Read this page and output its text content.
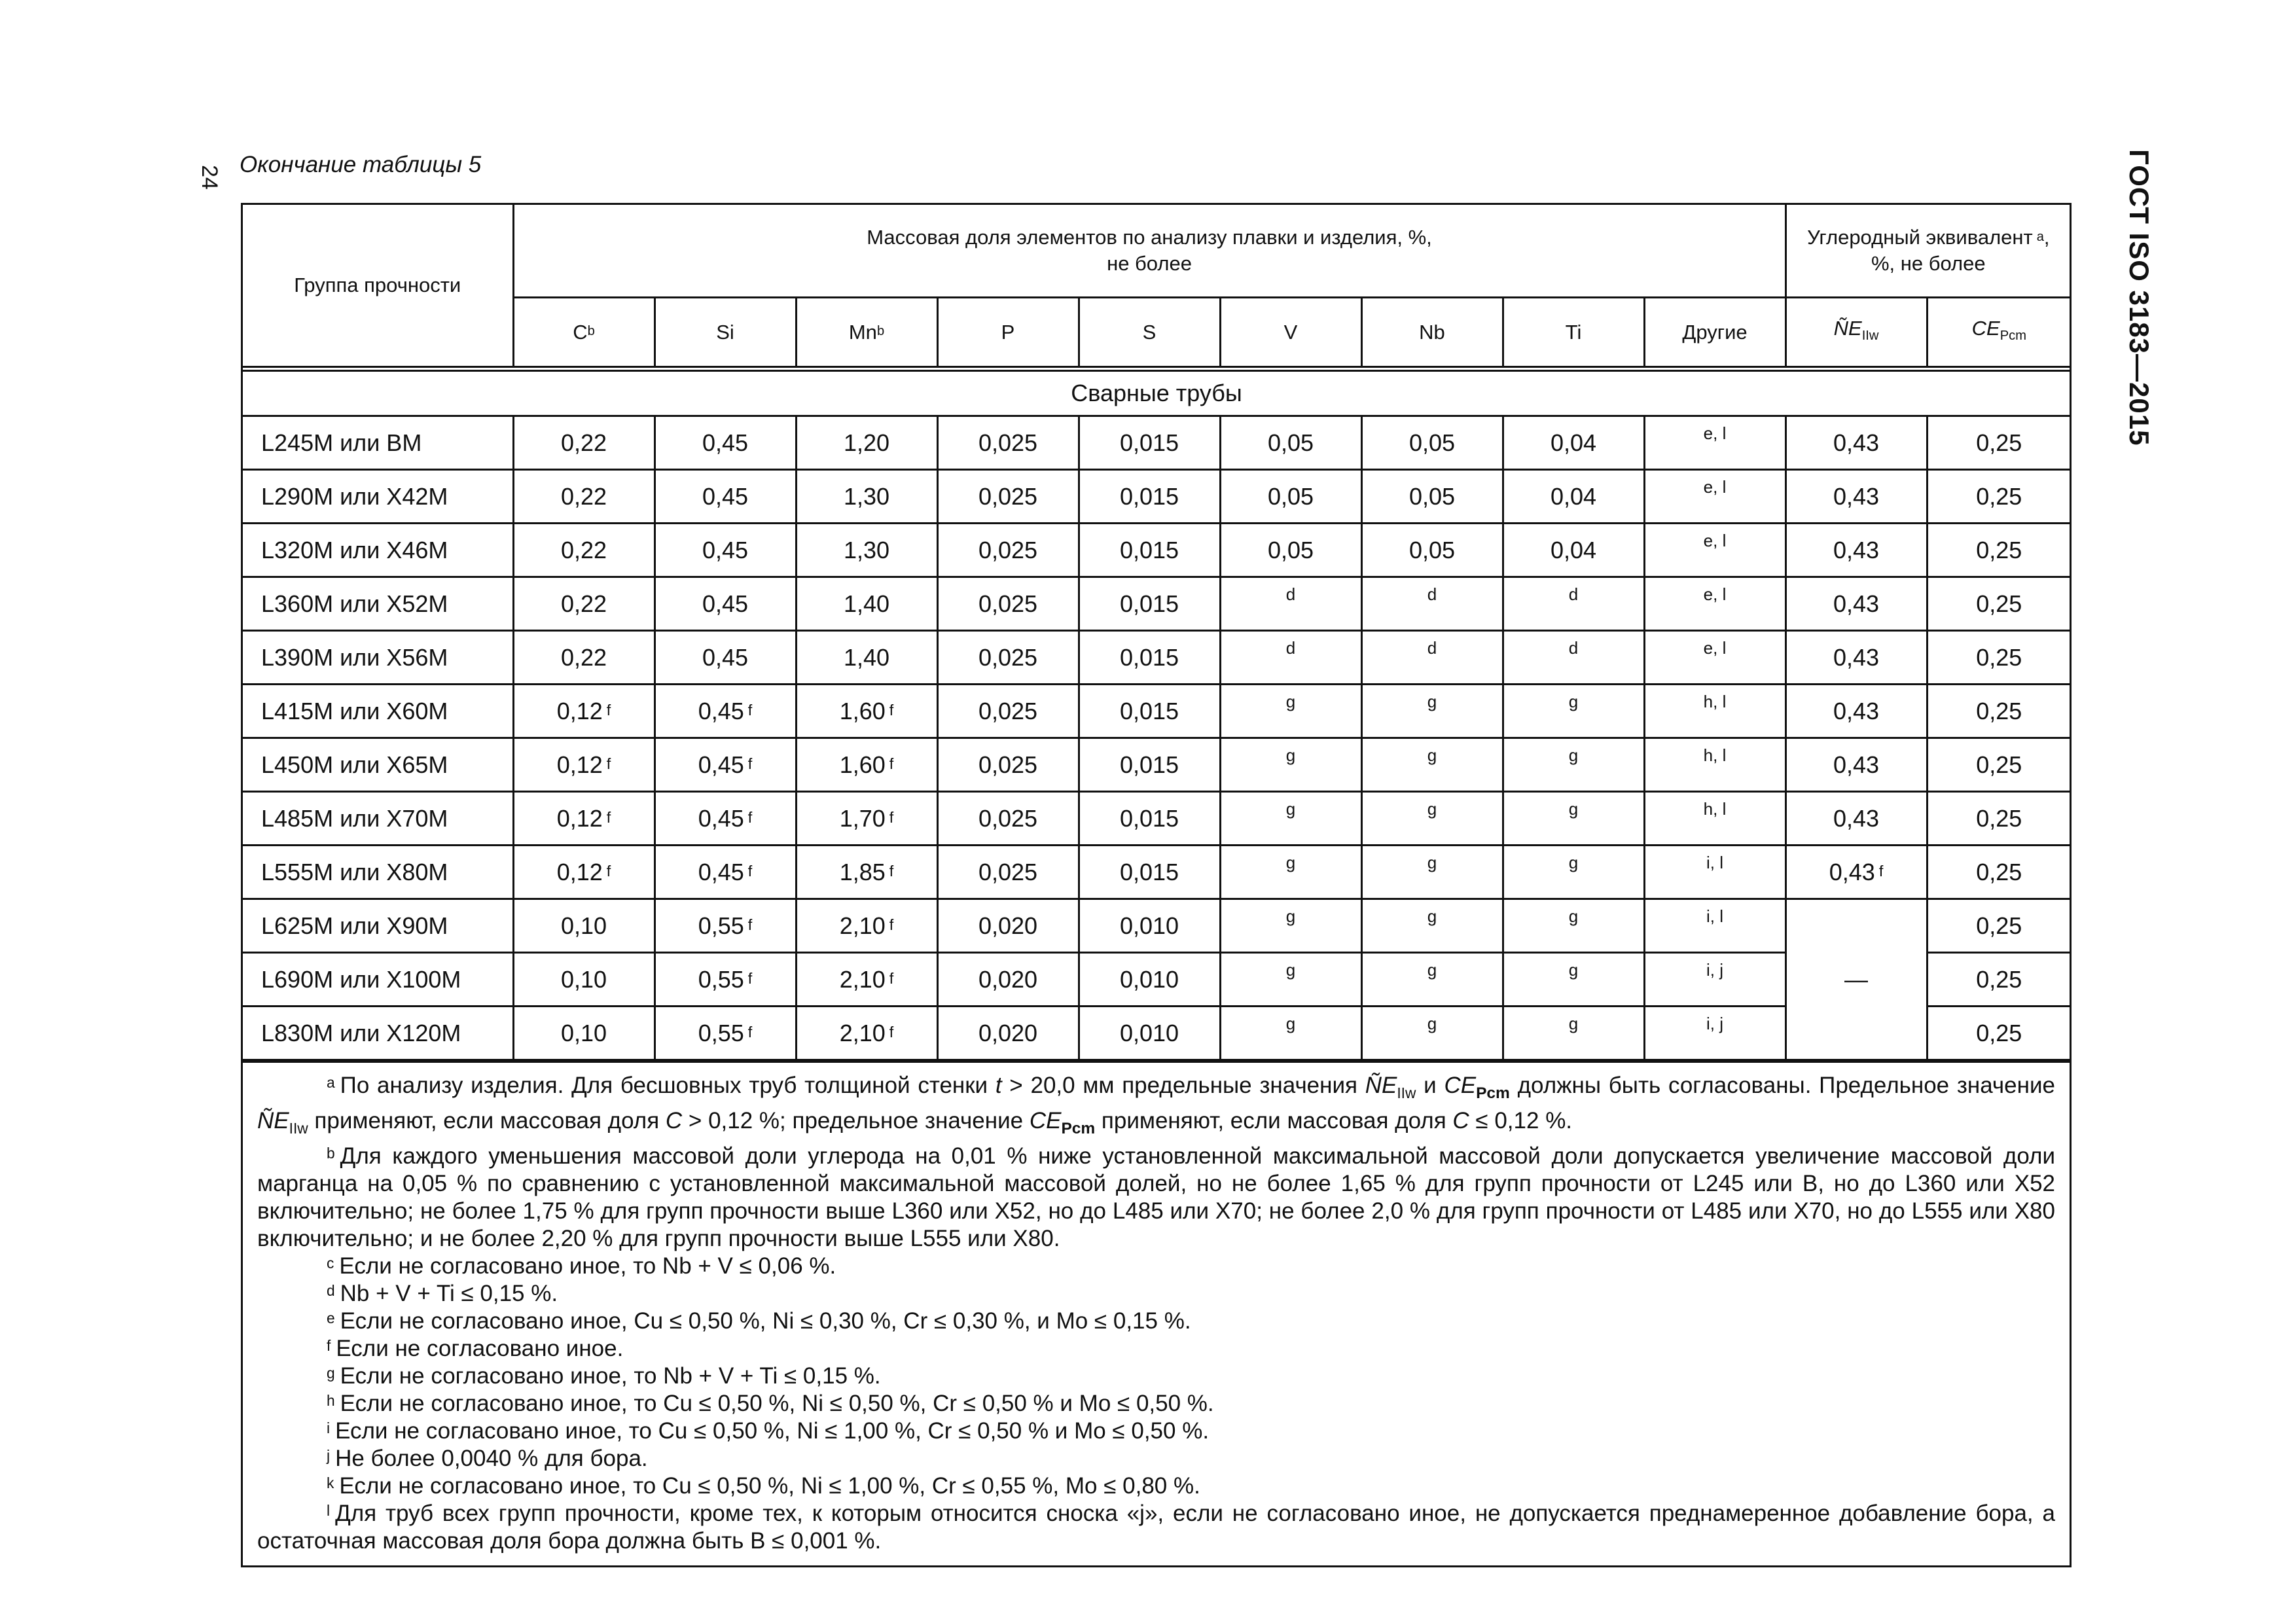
24 Окончание таблицы 5	ГОСТ ISO 3183—2015
Группа прочности	Массовая доля элементов по анализу плавки и изделия, %, не более									Углеродный эквивалент $^a$,
%, не более	

	$C^b$	Si	Mn$^b$	P	S	V	Nb	Ti	Другие	$ÑE_{IIw}$	$CE_{Pcm}$
Сварные трубы											
L245M или BM	0,22	0,45	1,20	0,025	0,015	0,05	0,05	0,04	e, l	0,43	0,25
L290M или X42M	0,22	0,45	1,30	0,025	0,015	0,05	0,05	0,04	e, l	0,43	0,25
L320M или X46M	0,22	0,45	1,30	0,025	0,015	0,05	0,05	0,04	e, l	0,43	0,25
L360M или X52M	0,22	0,45	1,40	0,025	0,015	d	d	d	e, l	0,43	0,25
L390M или X56M	0,22	0,45	1,40	0,025	0,015	d	d	d	e, l	0,43	0,25
L415M или X60M	0,12 $^f$	0,45 $^f$	1,60 $^f$	0,025	0,015	g	g	g	h, l	0,43	0,25
L450M или X65M	0,12 $^f$	0,45 $^f$	1,60 $^f$	0,025	0,015	g	g	g	h, l	0,43	0,25
L485M или X70M	0,12 $^f$	0,45 $^f$	1,70 $^f$	0,025	0,015	g	g	g	h, l	0,43	0,25
L555M или X80M	0,12 $^f$	0,45 $^f$	1,85 $^f$	0,025	0,015	g	g	g	i, l	0,43 $^f$	0,25
L625M или X90M	0,10	0,55 $^f$	2,10 $^f$	0,020	0,010	g	g	g	i, l	—	0,25
L690M или X100M	0,10	0,55 $^f$	2,10 $^f$	0,020	0,010	g	g	g	i, j		0,25
L830M или X120M	0,10	0,55 $^f$	2,10 $^f$	0,020	0,010	g	g	g	i, j		0,25

$^a$ По анализу изделия. Для бесшовных труб толщиной стенки t > 20,0 мм предельные значения $ÑE_{IIw}$ и $CE_{Pcm}$ должны быть согласованы. Предельное значение $ÑE_{IIw}$ применяют, если массовая доля C > 0,12 %; предельное значение $CE_{Pcm}$ применяют, если массовая доля C ≤ 0,12 %.

$^b$ Для каждого уменьшения массовой доли углерода на 0,01 % ниже установленной максимальной массовой доли допускается увеличение массовой доли марганца на 0,05 % по сравнению с установленной максимальной массовой долей, но не более 1,65 % для групп прочности от L245 или B, но до L360 или X52 включительно; не более 1,75 % для групп прочности выше L360 или X52, но до L485 или X70; не более 2,0 % для групп прочности от L485 или X70, но до L555 или X80 включительно; и не более 2,20 % для групп прочности выше L555 или X80.

$^c$ Если не согласовано иное, то Nb + V ≤ 0,06 %.

$^d$ Nb + V + Ti ≤ 0,15 %.

$^e$ Если не согласовано иное, Cu ≤ 0,50 %, Ni ≤ 0,30 %, Cr ≤ 0,30 %, и Mo ≤ 0,15 %.

$^f$ Если не согласовано иное.

$^g$ Если не согласовано иное, то Nb + V + Ti ≤ 0,15 %.

$^h$ Если не согласовано иное, то Cu ≤ 0,50 %, Ni ≤ 0,50 %, Cr ≤ 0,50 % и Mo ≤ 0,50 %.

$^i$ Если не согласовано иное, то Cu ≤ 0,50 %, Ni ≤ 1,00 %, Cr ≤ 0,50 % и Mo ≤ 0,50 %.

$^j$ Не более 0,0040 % для бора.

$^k$ Если не согласовано иное, то Cu ≤ 0,50 %, Ni ≤ 1,00 %, Cr ≤ 0,55 %, Mo ≤ 0,80 %.

$^l$ Для труб всех групп прочности, кроме тех, к которым относится сноска «j», если не согласовано иное, не допускается преднамеренное добавление бора, а остаточная массовая доля бора должна быть B ≤ 0,001 %.
